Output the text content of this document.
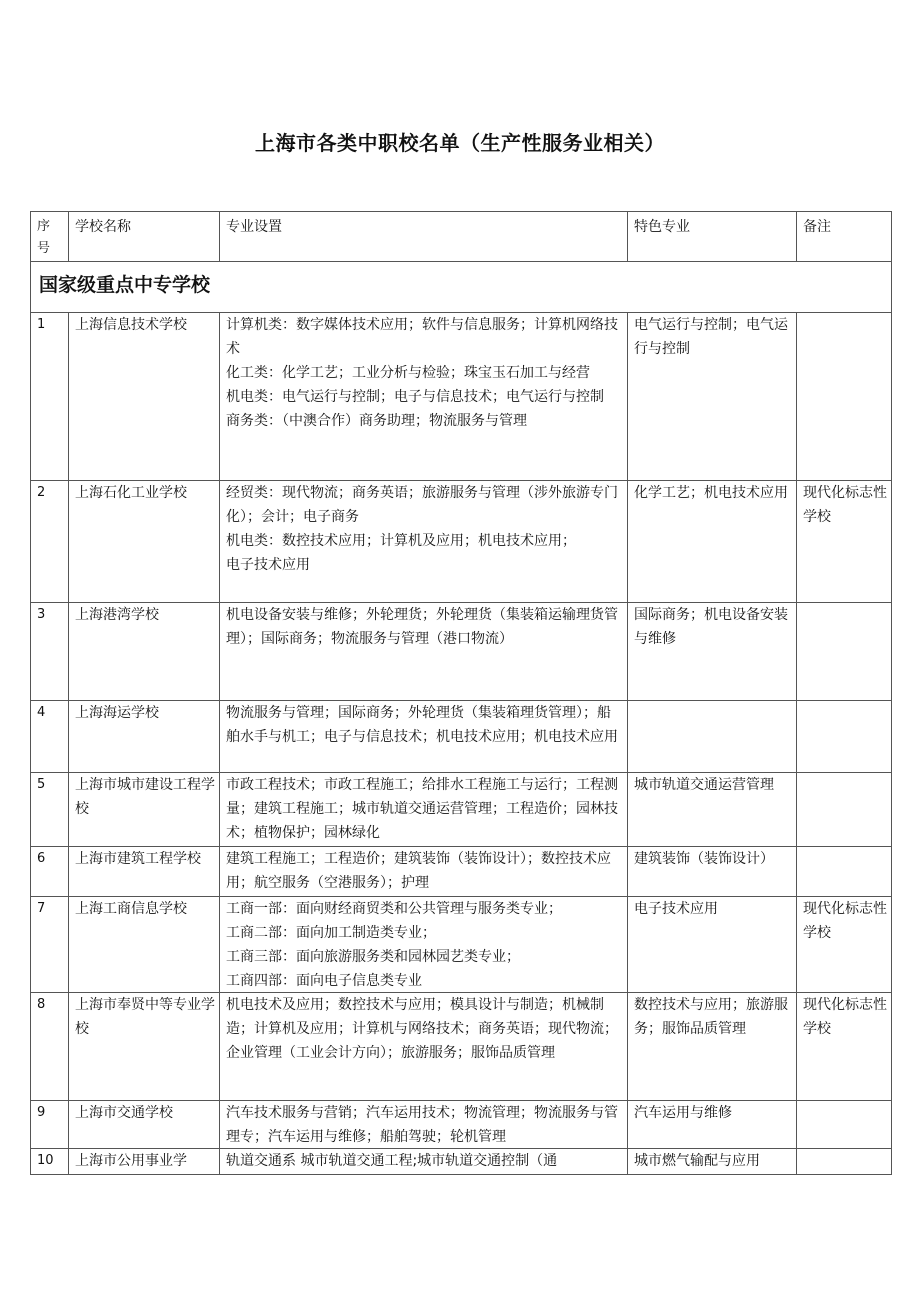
上海市各类中职校名单（生产性服务业相关）
序
号	学校名称	专业设置	特色专业	备注
国家级重点中专学校				
1	上海信息技术学校	计算机类：数字媒体技术应用；软件与信息服务；计算机网络技术
化工类：化学工艺；工业分析与检验；珠宝玉石加工与经营
机电类：电气运行与控制；电子与信息技术；电气运行与控制
商务类：（中澳合作）商务助理；物流服务与管理	电气运行与控制；电气运行与控制	
2	上海石化工业学校	经贸类：现代物流；商务英语；旅游服务与管理（涉外旅游专门化）；会计；电子商务
机电类：数控技术应用；计算机及应用；机电技术应用；
电子技术应用	化学工艺；机电技术应用	现代化标志性学校
3	上海港湾学校	机电设备安装与维修；外轮理货；外轮理货（集装箱运输理货管理）；国际商务；物流服务与管理（港口物流）	国际商务；机电设备安装与维修	
4	上海海运学校	物流服务与管理；国际商务；外轮理货（集装箱理货管理）；船舶水手与机工；电子与信息技术；机电技术应用；机电技术应用		

5	上海市城市建设工程学校	市政工程技术；市政工程施工；给排水工程施工与运行；工程测量；建筑工程施工；城市轨道交通运营管理；工程造价；园林技术；植物保护；园林绿化	城市轨道交通运营管理	
6	上海市建筑工程学校	建筑工程施工；工程造价；建筑装饰（装饰设计）；数控技术应用；航空服务（空港服务）；护理	建筑装饰（装饰设计）	
7	上海工商信息学校	工商一部：面向财经商贸类和公共管理与服务类专业；
工商二部：面向加工制造类专业；
工商三部：面向旅游服务类和园林园艺类专业；
工商四部：面向电子信息类专业	电子技术应用	现代化标志性学校
8	上海市奉贤中等专业学校	机电技术及应用；数控技术与应用；模具设计与制造；机械制造；计算机及应用；计算机与网络技术；商务英语；现代物流；企业管理（工业会计方向）；旅游服务；服饰品质管理	数控技术与应用；旅游服务；服饰品质管理	现代化标志性学校
9	上海市交通学校	汽车技术服务与营销；汽车运用技术；物流管理；物流服务与管理专；汽车运用与维修；船舶驾驶；轮机管理	汽车运用与维修	
10	上海市公用事业学	轨道交通系 城市轨道交通工程;城市轨道交通控制（通	城市燃气输配与应用	
